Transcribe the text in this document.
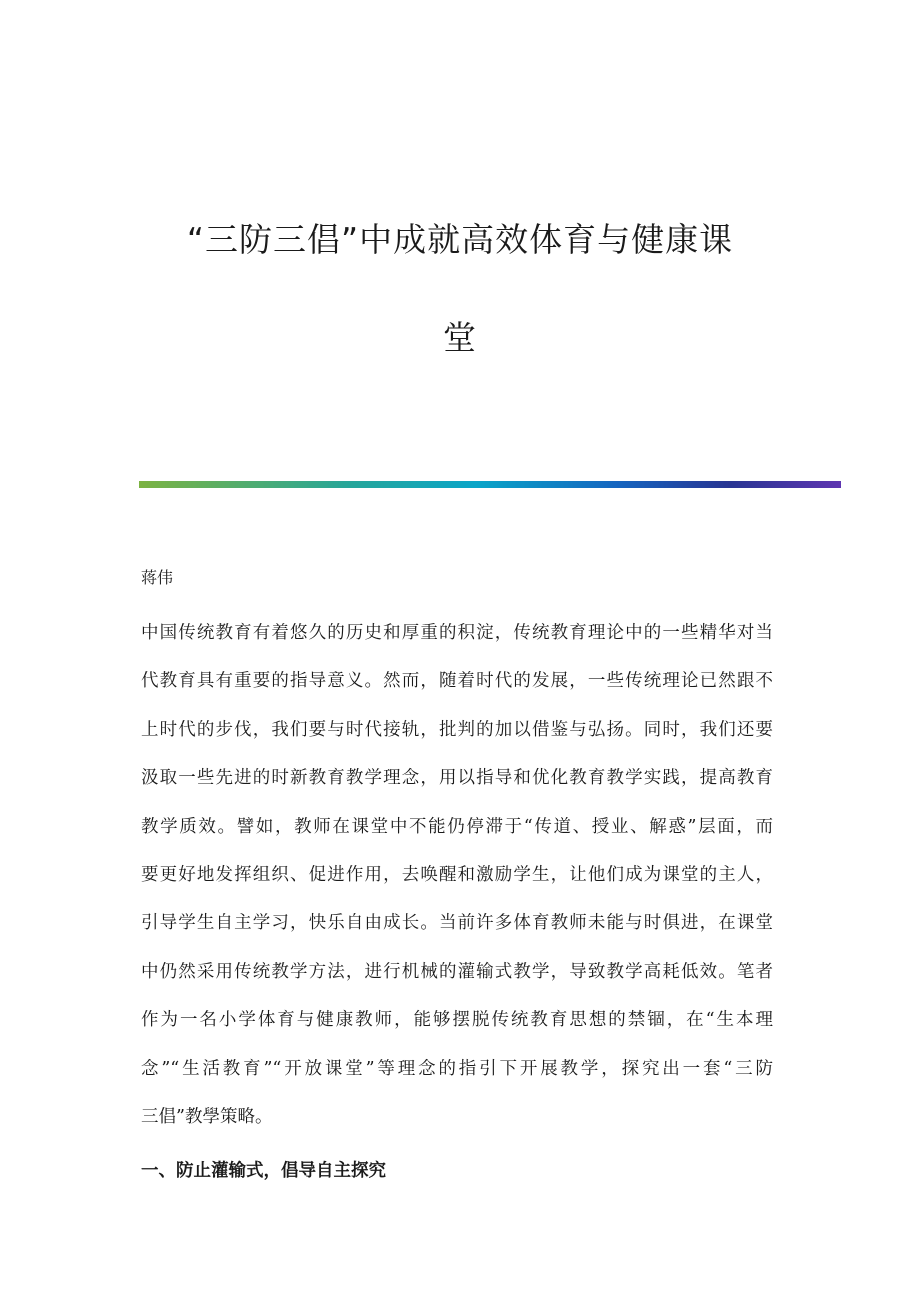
“三防三倡”中成就高效体育与健康课
堂

蒋伟

中国传统教育有着悠久的历史和厚重的积淀，传统教育理论中的一些精华对当
代教育具有重要的指导意义。然而，随着时代的发展，一些传统理论已然跟不
上时代的步伐，我们要与时代接轨，批判的加以借鉴与弘扬。同时，我们还要
汲取一些先进的时新教育教学理念，用以指导和优化教育教学实践，提高教育
教学质效。譬如，教师在课堂中不能仍停滞于“传道、授业、解惑”层面，而
要更好地发挥组织、促进作用，去唤醒和激励学生，让他们成为课堂的主人，
引导学生自主学习，快乐自由成长。当前许多体育教师未能与时俱进，在课堂
中仍然采用传统教学方法，进行机械的灌输式教学，导致教学高耗低效。笔者
作为一名小学体育与健康教师，能够摆脱传统教育思想的禁锢，在“生本理
念”“生活教育”“开放课堂”等理念的指引下开展教学，探究出一套“三防
三倡”教學策略。
一、防止灌输式，倡导自主探究
